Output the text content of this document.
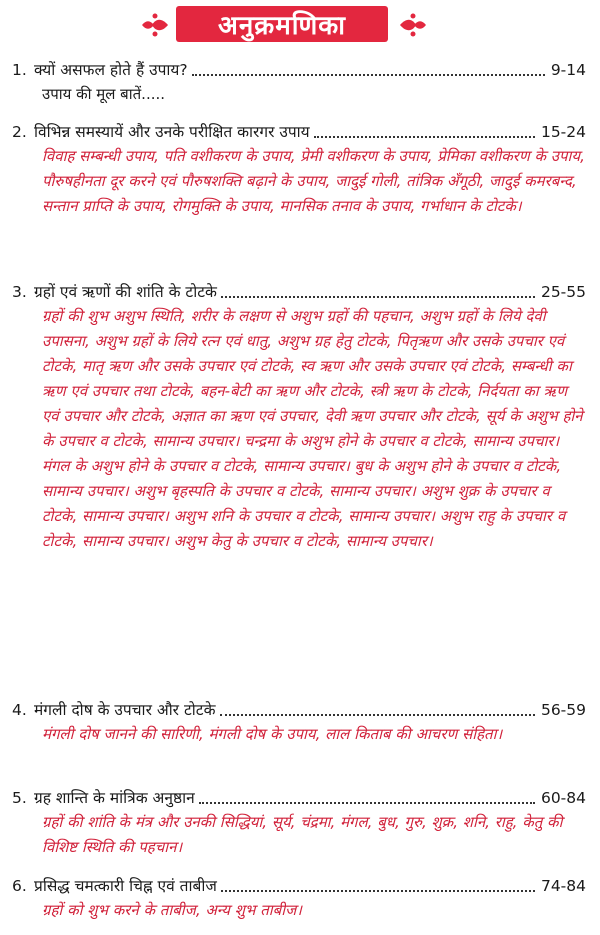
अनुक्रमणिका
1. क्यों असफल होते हैं उपाय?	9-14
उपाय की मूल बातें.....
2. विभिन्न समस्यायें और उनके परीक्षित कारगर उपाय	15-24
विवाह सम्बन्धी उपाय, पति वशीकरण के उपाय, प्रेमी वशीकरण के उपाय, प्रेमिका वशीकरण के उपाय, पौरुषहीनता दूर करने एवं पौरुषशक्ति बढ़ाने के उपाय, जादुई गोली, तांत्रिक अँगूठी, जादुई कमरबन्द, सन्तान प्राप्ति के उपाय, रोगमुक्ति के उपाय, मानसिक तनाव के उपाय, गर्भाधान के टोटके।
3. ग्रहों एवं ऋणों की शांति के टोटके	25-55
ग्रहों की शुभ अशुभ स्थिति, शरीर के लक्षण से अशुभ ग्रहों की पहचान, अशुभ ग्रहों के लिये देवी उपासना, अशुभ ग्रहों के लिये रत्न एवं धातु, अशुभ ग्रह हेतु टोटके, पितृऋण और उसके उपचार एवं टोटके, मातृ ऋण और उसके उपचार एवं टोटके, स्व ऋण और उसके उपचार एवं टोटके, सम्बन्धी का ऋण एवं उपचार तथा टोटके, बहन-बेटी का ऋण और टोटके, स्त्री ऋण के टोटके, निर्दयता का ऋण एवं उपचार और टोटके, अज्ञात का ऋण एवं उपचार, देवी ऋण उपचार और टोटके, सूर्य के अशुभ होने के उपचार व टोटके, सामान्य उपचार। चन्द्रमा के अशुभ होने के उपचार व टोटके, सामान्य उपचार। मंगल के अशुभ होने के उपचार व टोटके, सामान्य उपचार। बुध के अशुभ होने के उपचार व टोटके, सामान्य उपचार। अशुभ बृहस्पति के उपचार व टोटके, सामान्य उपचार। अशुभ शुक्र के उपचार व टोटके, सामान्य उपचार। अशुभ शनि के उपचार व टोटके, सामान्य उपचार। अशुभ राहु के उपचार व टोटके, सामान्य उपचार। अशुभ केतु के उपचार व टोटके, सामान्य उपचार।
4. मंगली दोष के उपचार और टोटके	56-59
मंगली दोष जानने की सारिणी, मंगली दोष के उपाय, लाल किताब की आचरण संहिता।
5. ग्रह शान्ति के मांत्रिक अनुष्ठान	60-84
ग्रहों की शांति के मंत्र और उनकी सिद्धियां, सूर्य, चंद्रमा, मंगल, बुध, गुरु, शुक्र, शनि, राहु, केतु की विशिष्ट स्थिति की पहचान।
6. प्रसिद्ध चमत्कारी चिह्न एवं ताबीज	74-84
ग्रहों को शुभ करने के ताबीज, अन्य शुभ ताबीज।
